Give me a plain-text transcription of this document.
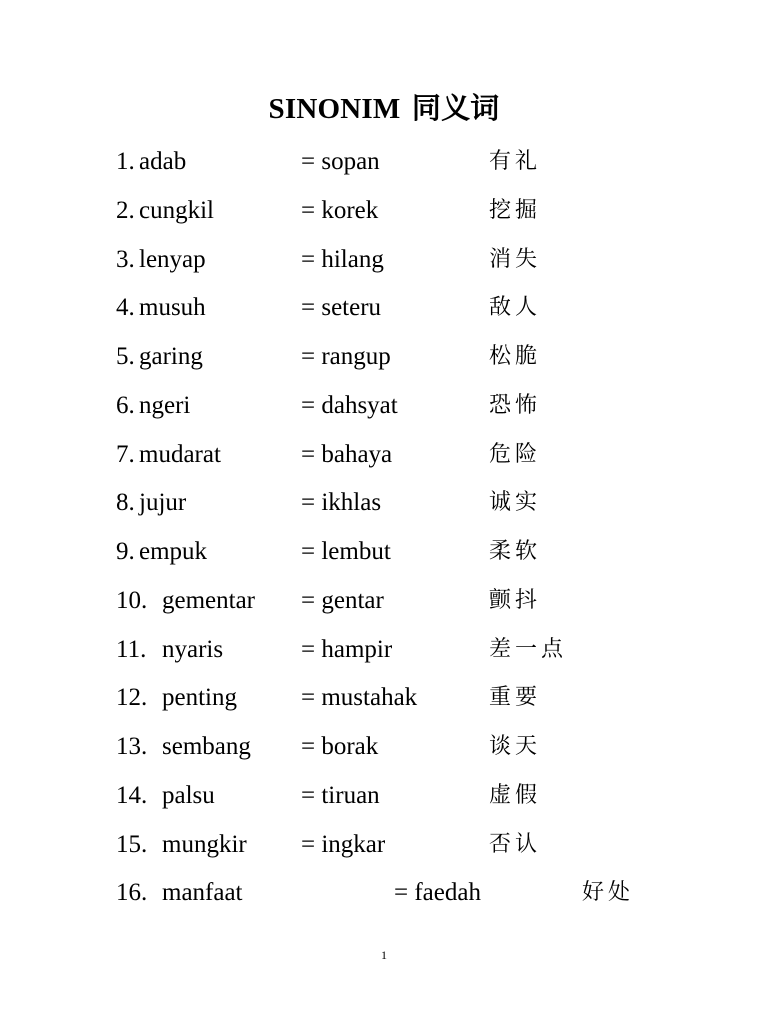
SINONIM 同义词
1. adab	= sopan	有礼
2. cungkil	= korek	挖掘
3. lenyap	= hilang	消失
4. musuh	= seteru	敌人
5. garing	= rangup	松脆
6. ngeri	= dahsyat	恐怖
7. mudarat	= bahaya	危险
8. jujur	= ikhlas	诚实
9. empuk	= lembut	柔软
10. gementar = gentar	颤抖
11. nyaris	= hampir	差一点
12. penting	= mustahak	重要
13. sembang = borak	谈天
14. palsu	= tiruan	虚假
15. mungkir = ingkar	否认
16. manfaat	= faedah	好处
1
